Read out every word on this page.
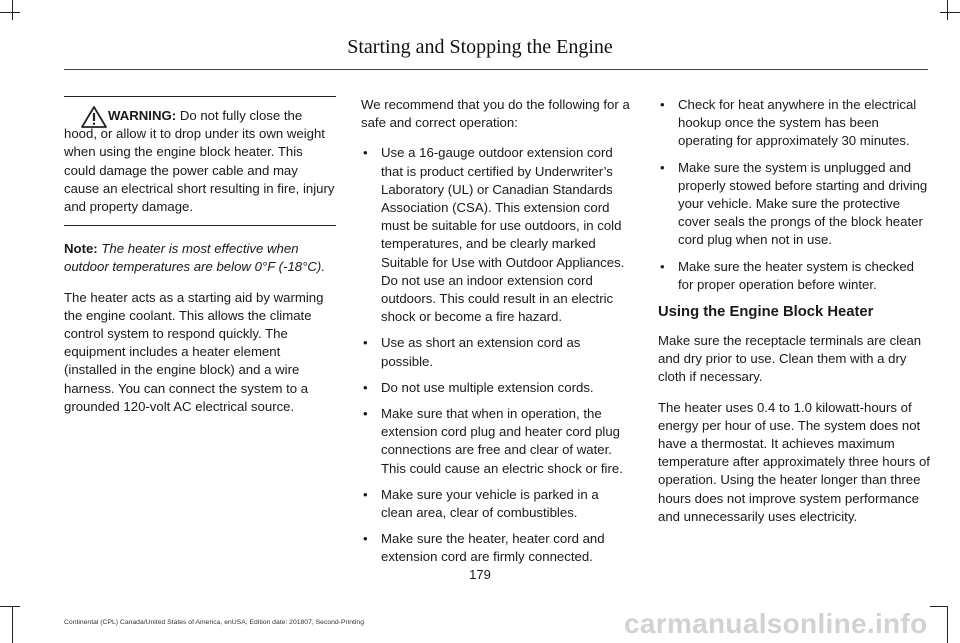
Starting and Stopping the Engine
WARNING: Do not fully close the
hood, or allow it to drop under its own weight when using the engine block heater. This could damage the power cable and may cause an electrical short resulting in fire, injury and property damage.

Note: The heater is most effective when outdoor temperatures are below 0°F (-18°C).

The heater acts as a starting aid by warming the engine coolant. This allows the climate control system to respond quickly. The equipment includes a heater element (installed in the engine block) and a wire harness. You can connect the system to a grounded 120-volt AC electrical source.

We recommend that you do the following for a safe and correct operation:

• Use a 16-gauge outdoor extension cord that is product certified by Underwriter’s Laboratory (UL) or Canadian Standards Association (CSA). This extension cord must be suitable for use outdoors, in cold temperatures, and be clearly marked Suitable for Use with Outdoor Appliances. Do not use an indoor extension cord outdoors. This could result in an electric shock or become a fire hazard.
• Use as short an extension cord as possible.
• Do not use multiple extension cords.
• Make sure that when in operation, the extension cord plug and heater cord plug connections are free and clear of water. This could cause an electric shock or fire.
• Make sure your vehicle is parked in a clean area, clear of combustibles.
• Make sure the heater, heater cord and extension cord are firmly connected.
• Check for heat anywhere in the electrical hookup once the system has been operating for approximately 30 minutes.
• Make sure the system is unplugged and properly stowed before starting and driving your vehicle. Make sure the protective cover seals the prongs of the block heater cord plug when not in use.
• Make sure the heater system is checked for proper operation before winter.
Using the Engine Block Heater

Make sure the receptacle terminals are clean and dry prior to use. Clean them with a dry cloth if necessary.

The heater uses 0.4 to 1.0 kilowatt-hours of energy per hour of use. The system does not have a thermostat. It achieves maximum temperature after approximately three hours of operation. Using the heater longer than three hours does not improve system performance and unnecessarily uses electricity.

179
Continental (CPL) Canada/United States of America, enUSA, Edition date: 201807, Second-Printing	carmanualsonline.info
